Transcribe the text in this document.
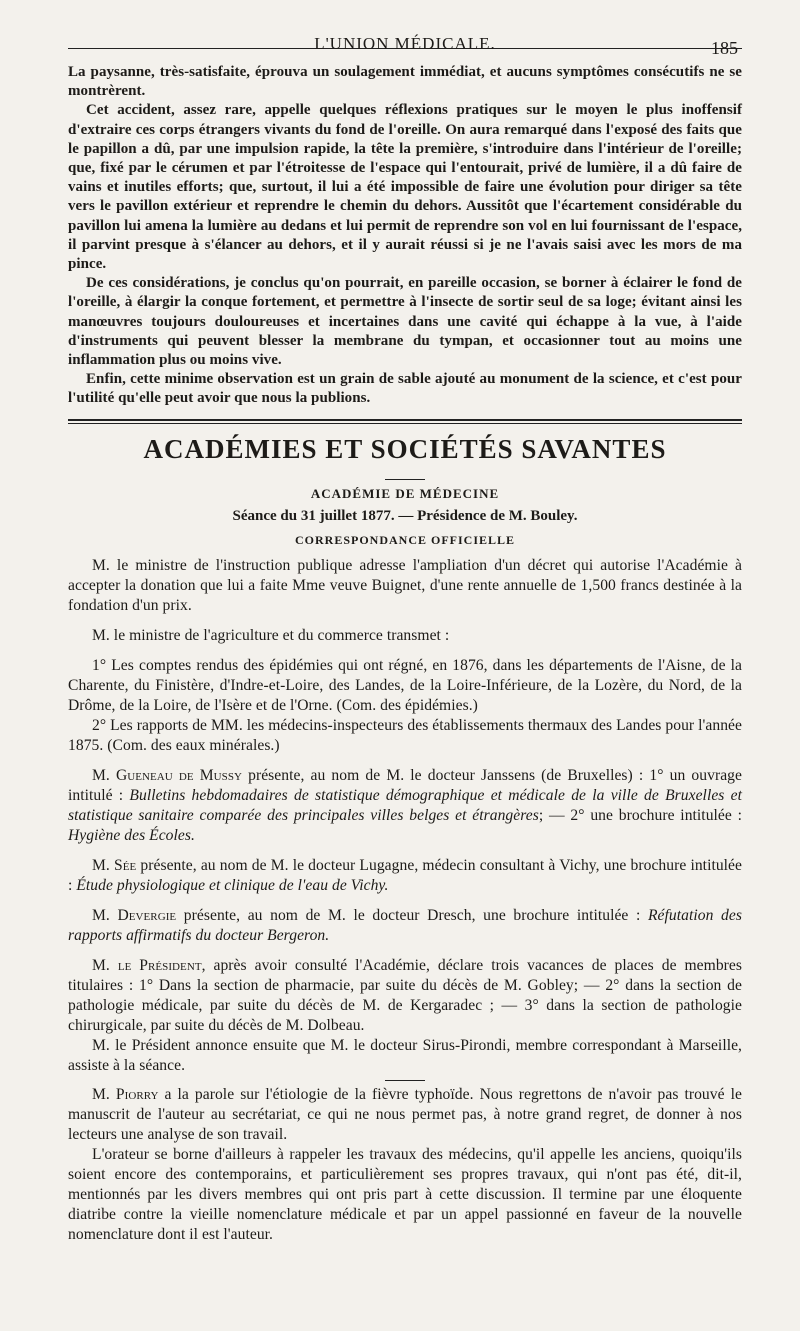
L'UNION MÉDICALE.	185

La paysanne, très-satisfaite, éprouva un soulagement immédiat, et aucuns symptômes consécutifs ne se montrèrent.

Cet accident, assez rare, appelle quelques réflexions pratiques sur le moyen le plus inoffensif d'extraire ces corps étrangers vivants du fond de l'oreille. On aura remarqué dans l'exposé des faits que le papillon a dû, par une impulsion rapide, la tête la première, s'introduire dans l'intérieur de l'oreille; que, fixé par le cérumen et par l'étroitesse de l'espace qui l'entourait, privé de lumière, il a dû faire de vains et inutiles efforts; que, surtout, il lui a été impossible de faire une évolution pour diriger sa tête vers le pavillon extérieur et reprendre le chemin du dehors. Aussitôt que l'écartement considérable du pavillon lui amena la lumière au dedans et lui permit de reprendre son vol en lui fournissant de l'espace, il parvint presque à s'élancer au dehors, et il y aurait réussi si je ne l'avais saisi avec les mors de ma pince.

De ces considérations, je conclus qu'on pourrait, en pareille occasion, se borner à éclairer le fond de l'oreille, à élargir la conque fortement, et permettre à l'insecte de sortir seul de sa loge; évitant ainsi les manœuvres toujours douloureuses et incertaines dans une cavité qui échappe à la vue, à l'aide d'instruments qui peuvent blesser la membrane du tympan, et occasionner tout au moins une inflammation plus ou moins vive.

Enfin, cette minime observation est un grain de sable ajouté au monument de la science, et c'est pour l'utilité qu'elle peut avoir que nous la publions.

ACADÉMIES ET SOCIÉTÉS SAVANTES
ACADÉMIE DE MÉDECINE
Séance du 31 juillet 1877. — Présidence de M. Bouley.
CORRESPONDANCE OFFICIELLE

M. le ministre de l'instruction publique adresse l'ampliation d'un décret qui autorise l'Académie à accepter la donation que lui a faite Mme veuve Buignet, d'une rente annuelle de 1,500 francs destinée à la fondation d'un prix.

M. le ministre de l'agriculture et du commerce transmet :

1° Les comptes rendus des épidémies qui ont régné, en 1876, dans les départements de l'Aisne, de la Charente, du Finistère, d'Indre-et-Loire, des Landes, de la Loire-Inférieure, de la Lozère, du Nord, de la Drôme, de la Loire, de l'Isère et de l'Orne. (Com. des épidémies.)

2° Les rapports de MM. les médecins-inspecteurs des établissements thermaux des Landes pour l'année 1875. (Com. des eaux minérales.)

M. Gueneau de Mussy présente, au nom de M. le docteur Janssens (de Bruxelles) : 1° un ouvrage intitulé : Bulletins hebdomadaires de statistique démographique et médicale de la ville de Bruxelles et statistique sanitaire comparée des principales villes belges et étrangères; — 2° une brochure intitulée : Hygiène des Écoles.

M. Sée présente, au nom de M. le docteur Lugagne, médecin consultant à Vichy, une brochure intitulée : Étude physiologique et clinique de l'eau de Vichy.

M. Devergie présente, au nom de M. le docteur Dresch, une brochure intitulée : Réfutation des rapports affirmatifs du docteur Bergeron.

M. le Président, après avoir consulté l'Académie, déclare trois vacances de places de membres titulaires : 1° Dans la section de pharmacie, par suite du décès de M. Gobley; — 2° dans la section de pathologie médicale, par suite du décès de M. de Kergaradec ; — 3° dans la section de pathologie chirurgicale, par suite du décès de M. Dolbeau.

M. le Président annonce ensuite que M. le docteur Sirus-Pirondi, membre correspondant à Marseille, assiste à la séance.

M. Piorry a la parole sur l'étiologie de la fièvre typhoïde. Nous regrettons de n'avoir pas trouvé le manuscrit de l'auteur au secrétariat, ce qui ne nous permet pas, à notre grand regret, de donner à nos lecteurs une analyse de son travail.

L'orateur se borne d'ailleurs à rappeler les travaux des médecins, qu'il appelle les anciens, quoiqu'ils soient encore des contemporains, et particulièrement ses propres travaux, qui n'ont pas été, dit-il, mentionnés par les divers membres qui ont pris part à cette discussion. Il termine par une éloquente diatribe contre la vieille nomenclature médicale et par un appel passionné en faveur de la nouvelle nomenclature dont il est l'auteur.
